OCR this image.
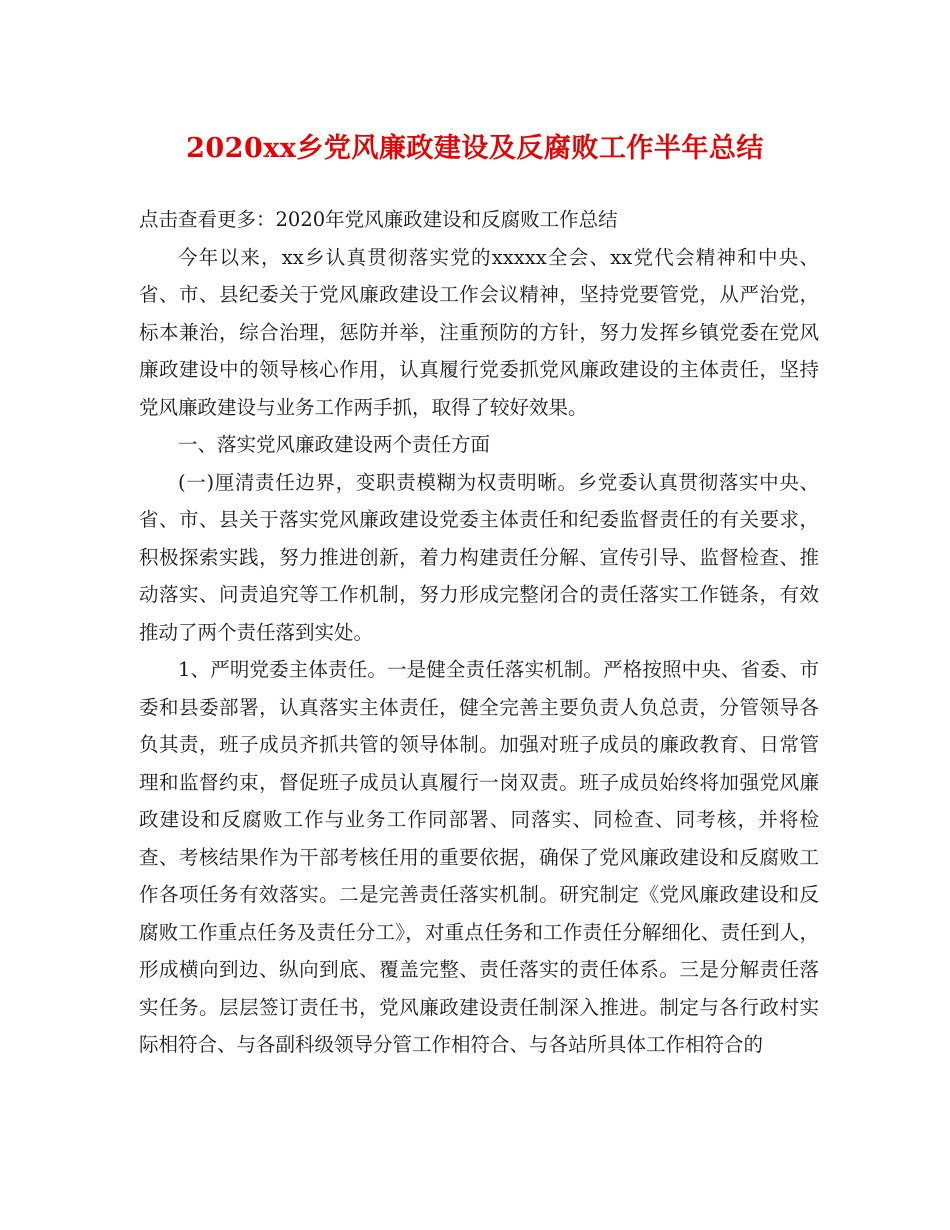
2020xx乡党风廉政建设及反腐败工作半年总结

点击查看更多：2020年党风廉政建设和反腐败工作总结

今年以来，xx乡认真贯彻落实党的xxxxx全会、xx党代会精神和中央、省、市、县纪委关于党风廉政建设工作会议精神，坚持党要管党，从严治党，标本兼治，综合治理，惩防并举，注重预防的方针，努力发挥乡镇党委在党风廉政建设中的领导核心作用，认真履行党委抓党风廉政建设的主体责任，坚持党风廉政建设与业务工作两手抓，取得了较好效果。

一、落实党风廉政建设两个责任方面

(一)厘清责任边界，变职责模糊为权责明晰。乡党委认真贯彻落实中央、省、市、县关于落实党风廉政建设党委主体责任和纪委监督责任的有关要求，积极探索实践，努力推进创新，着力构建责任分解、宣传引导、监督检查、推动落实、问责追究等工作机制，努力形成完整闭合的责任落实工作链条，有效推动了两个责任落到实处。

1、严明党委主体责任。一是健全责任落实机制。严格按照中央、省委、市委和县委部署，认真落实主体责任，健全完善主要负责人负总责，分管领导各负其责，班子成员齐抓共管的领导体制。加强对班子成员的廉政教育、日常管理和监督约束，督促班子成员认真履行一岗双责。班子成员始终将加强党风廉政建设和反腐败工作与业务工作同部署、同落实、同检查、同考核，并将检查、考核结果作为干部考核任用的重要依据，确保了党风廉政建设和反腐败工作各项任务有效落实。二是完善责任落实机制。研究制定《党风廉政建设和反腐败工作重点任务及责任分工》，对重点任务和工作责任分解细化、责任到人，形成横向到边、纵向到底、覆盖完整、责任落实的责任体系。三是分解责任落实任务。层层签订责任书，党风廉政建设责任制深入推进。制定与各行政村实际相符合、与各副科级领导分管工作相符合、与各站所具体工作相符合的
